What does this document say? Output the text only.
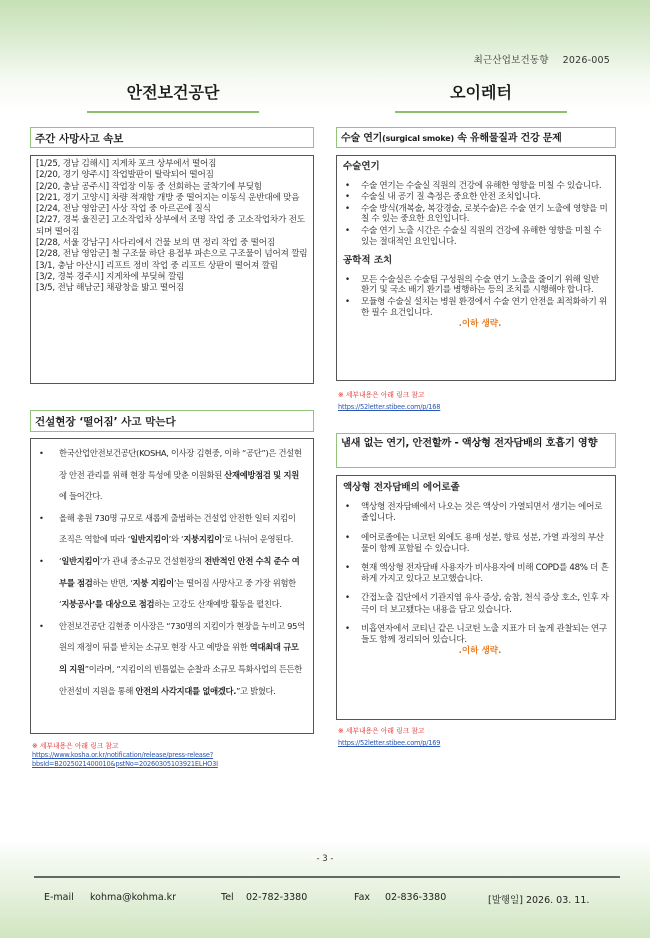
최근산업보건동향 2026-005
안전보건공단	오이레터
주간 사망사고 속보
[1/25, 경남 김해시] 지게차 포크 상부에서 떨어짐
[2/20, 경기 양주시] 작업발판이 탈락되어 떨어짐
[2/20, 충남 공주시] 작업장 이동 중 선회하는 굴착기에 부딪힘
[2/21, 경기 고양시] 차량 적재함 개방 중 떨어지는 이동식 운반대에 맞음
[2/24, 전남 영암군] 사상 작업 중 아르곤에 질식
[2/27, 경북 울진군] 고소작업차 상부에서 조명 작업 중 고소작업차가 전도되며 떨어짐
[2/28, 서울 강남구] 사다리에서 건물 보의 면 정리 작업 중 떨어짐
[2/28, 전남 영암군] 철 구조물 하단 용접부 파손으로 구조물이 넘어져 깔림
[3/1, 충남 아산시] 리프트 정비 작업 중 리프트 상판이 떨어져 깔림
[3/2, 경북 경주시] 지게차에 부딪혀 깔림
[3/5, 전남 해남군] 채광창을 밟고 떨어짐
건설현장 ‘떨어짐’ 사고 막는다
•	한국산업안전보건공단(KOSHA, 이사장 김현중, 이하 “공단”)은 건설현장 안전 관리를 위해 현장 특성에 맞춘 이원화된 산재예방점검 및 지원에 들어간다.
•	올해 총원 730명 규모로 새롭게 출범하는 건설업 안전한 일터 지킴이 조직은 역할에 따라 ‘일반지킴이’와 ‘지붕지킴이’로 나뉘어 운영된다.
•	‘일반지킴이’가 관내 중소규모 건설현장의 전반적인 안전 수칙 준수 여부를 점검하는 반면, ‘지붕 지킴이’는 떨어짐 사망사고 중 가장 위험한 ‘지붕공사’를 대상으로 점검하는 고강도 산재예방 활동을 펼친다.
•	안전보건공단 김현중 이사장은 “730명의 지킴이가 현장을 누비고 95억 원의 재정이 뒤를 받치는 소규모 현장 사고 예방을 위한 역대최대 규모의 지원”이라며, “지킴이의 빈틈없는 순찰과 소규모 특화사업의 든든한 안전설비 지원을 통해 안전의 사각지대를 없애겠다.”고 밝혔다.
※ 세부내용은 아래 링크 참고
https://www.kosha.or.kr/notification/release/press-release?bbsId=B2025021400010&pstNo=20260305103921ELHO3I
수술 연기(surgical smoke) 속 유해물질과 건강 문제
수술연기
•	수술 연기는 수술실 직원의 건강에 유해한 영향을 미칠 수 있습니다.
•	수술실 내 공기 질 측정은 중요한 안전 조치입니다.
•	수술 방식(개복술, 복강경술, 로봇수술)은 수술 연기 노출에 영향을 미칠 수 있는 중요한 요인입니다.
•	수술 연기 노출 시간은 수술실 직원의 건강에 유해한 영향을 미칠 수 있는 절대적인 요인입니다.
공학적 조치
•	모든 수술실은 수술팀 구성원의 수술 연기 노출을 줄이기 위해 일반 환기 및 국소 배기 환기를 병행하는 등의 조치를 시행해야 합니다.
•	모듈형 수술실 설치는 병원 환경에서 수술 연기 안전을 최적화하기 위한 필수 요건입니다.
.이하 생략.
※ 세부내용은 아래 링크 참고
https://52letter.stibee.com/p/168
냄새 없는 연기, 안전할까 - 액상형 전자담배의 호흡기 영향
액상형 전자담배의 에어로졸
•	액상형 전자담배에서 나오는 것은 액상이 가열되면서 생기는 에어로졸입니다.
•	에어로졸에는 니코틴 외에도 용매 성분, 향료 성분, 가열 과정의 부산물이 함께 포함될 수 있습니다.
•	현재 액상형 전자담배 사용자가 비사용자에 비해 COPD를 48% 더 흔하게 가지고 있다고 보고했습니다.
•	간접노출 집단에서 기관지염 유사 증상, 숨참, 천식 증상 호소, 인후 자극이 더 보고됐다는 내용을 담고 있습니다.
•	비흡연자에서 코티닌 같은 니코틴 노출 지표가 더 높게 관찰되는 연구들도 함께 정리되어 있습니다.
.이하 생략.
※ 세부내용은 아래 링크 참고
https://52letter.stibee.com/p/169
- 3 -
E-mail kohma@kohma.kr	Tel 02-782-3380	Fax 02-836-3380	[발행일] 2026. 03. 11.
